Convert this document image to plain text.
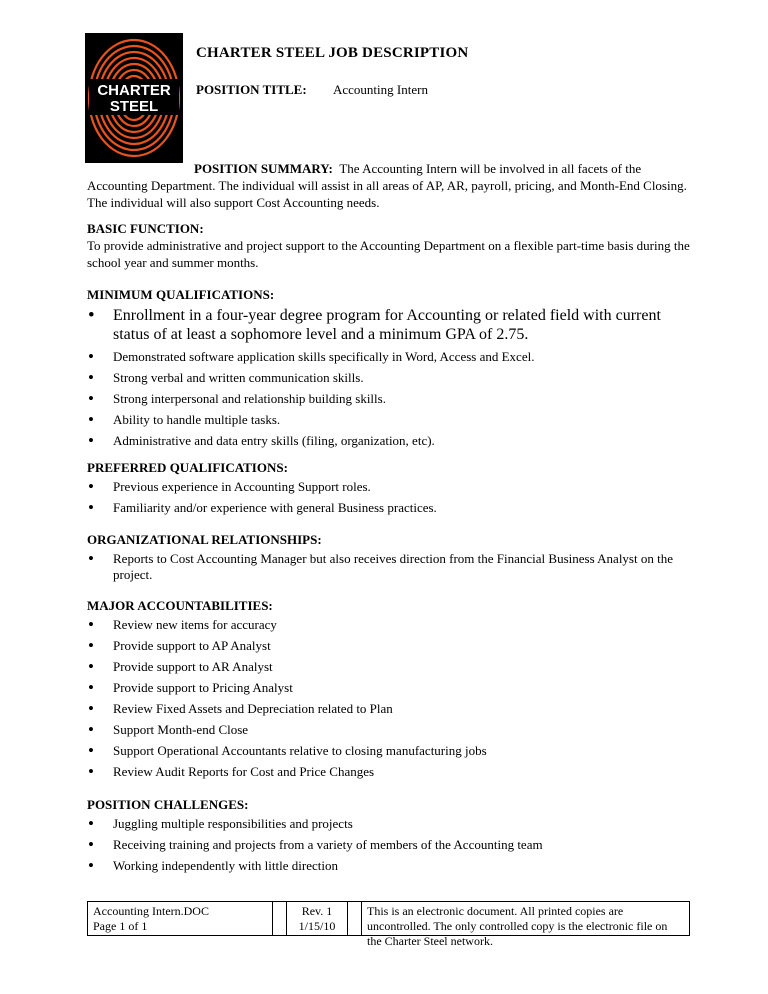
CHARTER
STEEL
CHARTER STEEL JOB DESCRIPTION
POSITION TITLE: Accounting Intern
POSITION SUMMARY: The Accounting Intern will be involved in all facets of the Accounting Department. The individual will assist in all areas of AP, AR, payroll, pricing, and Month-End Closing. The individual will also support Cost Accounting needs.
BASIC FUNCTION:
To provide administrative and project support to the Accounting Department on a flexible part-time basis during the school year and summer months.
MINIMUM QUALIFICATIONS:
• Enrollment in a four-year degree program for Accounting or related field with current status of at least a sophomore level and a minimum GPA of 2.75.
• Demonstrated software application skills specifically in Word, Access and Excel.
• Strong verbal and written communication skills.
• Strong interpersonal and relationship building skills.
• Ability to handle multiple tasks.
• Administrative and data entry skills (filing, organization, etc).
PREFERRED QUALIFICATIONS:
• Previous experience in Accounting Support roles.
• Familiarity and/or experience with general Business practices.
ORGANIZATIONAL RELATIONSHIPS:
• Reports to Cost Accounting Manager but also receives direction from the Financial Business Analyst on the project.
MAJOR ACCOUNTABILITIES:
• Review new items for accuracy
• Provide support to AP Analyst
• Provide support to AR Analyst
• Provide support to Pricing Analyst
• Review Fixed Assets and Depreciation related to Plan
• Support Month-end Close
• Support Operational Accountants relative to closing manufacturing jobs
• Review Audit Reports for Cost and Price Changes
POSITION CHALLENGES:
• Juggling multiple responsibilities and projects
• Receiving training and projects from a variety of members of the Accounting team
• Working independently with little direction
Accounting Intern.DOC
Page 1 of 1
Rev. 1
1/15/10
This is an electronic document. All printed copies are uncontrolled. The only controlled copy is the electronic file on the Charter Steel network.
